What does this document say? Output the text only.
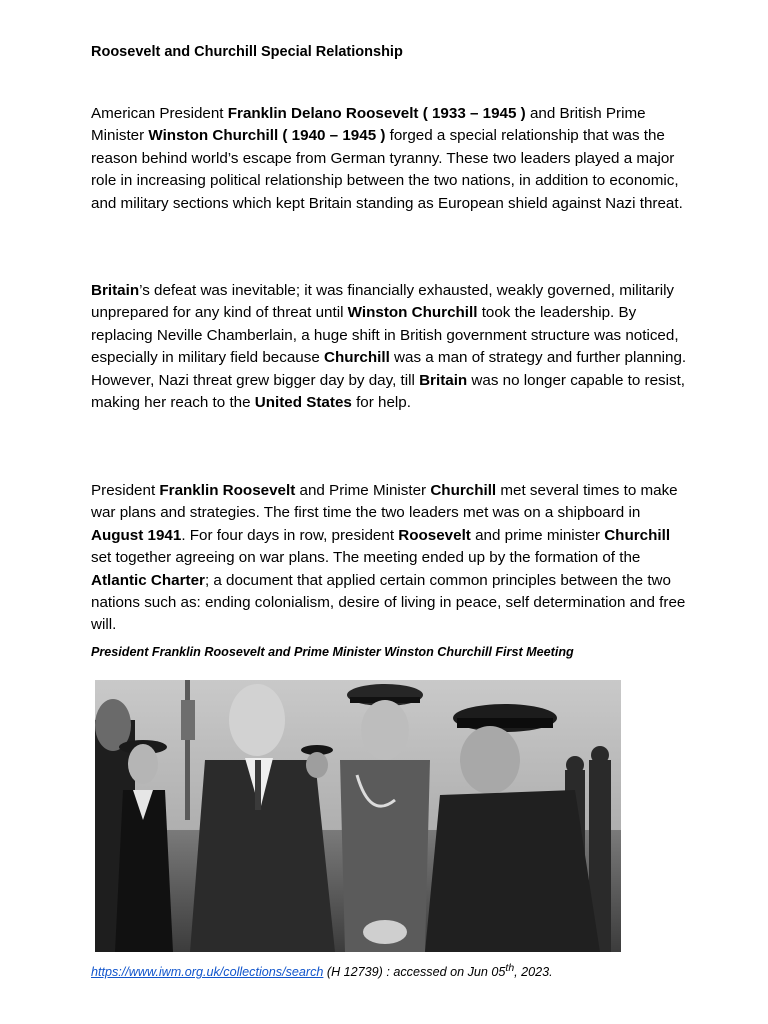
Roosevelt and Churchill Special Relationship

American President Franklin Delano Roosevelt ( 1933 – 1945 ) and British Prime Minister Winston Churchill ( 1940 – 1945 ) forged a special relationship that was the reason behind world’s escape from German tyranny. These two leaders played a major role in increasing political relationship between the two nations, in addition to economic, and military sections which kept Britain standing as European shield against Nazi threat.

Britain’s defeat was inevitable; it was financially exhausted, weakly governed, militarily unprepared for any kind of threat until Winston Churchill took the leadership. By replacing Neville Chamberlain, a huge shift in British government structure was noticed, especially in military field because Churchill was a man of strategy and further planning. However, Nazi threat grew bigger day by day, till Britain was no longer capable to resist, making her reach to the United States for help.

President Franklin Roosevelt and Prime Minister Churchill met several times to make war plans and strategies. The first time the two leaders met was on a shipboard in August 1941. For four days in row, president Roosevelt and prime minister Churchill set together agreeing on war plans. The meeting ended up by the formation of the Atlantic Charter; a document that applied certain common principles between the two nations such as: ending colonialism, desire of living in peace, self determination and free will.

President Franklin Roosevelt and Prime Minister Winston Churchill First Meeting
https://www.iwm.org.uk/collections/search (H 12739) : accessed on Jun 05th, 2023.
